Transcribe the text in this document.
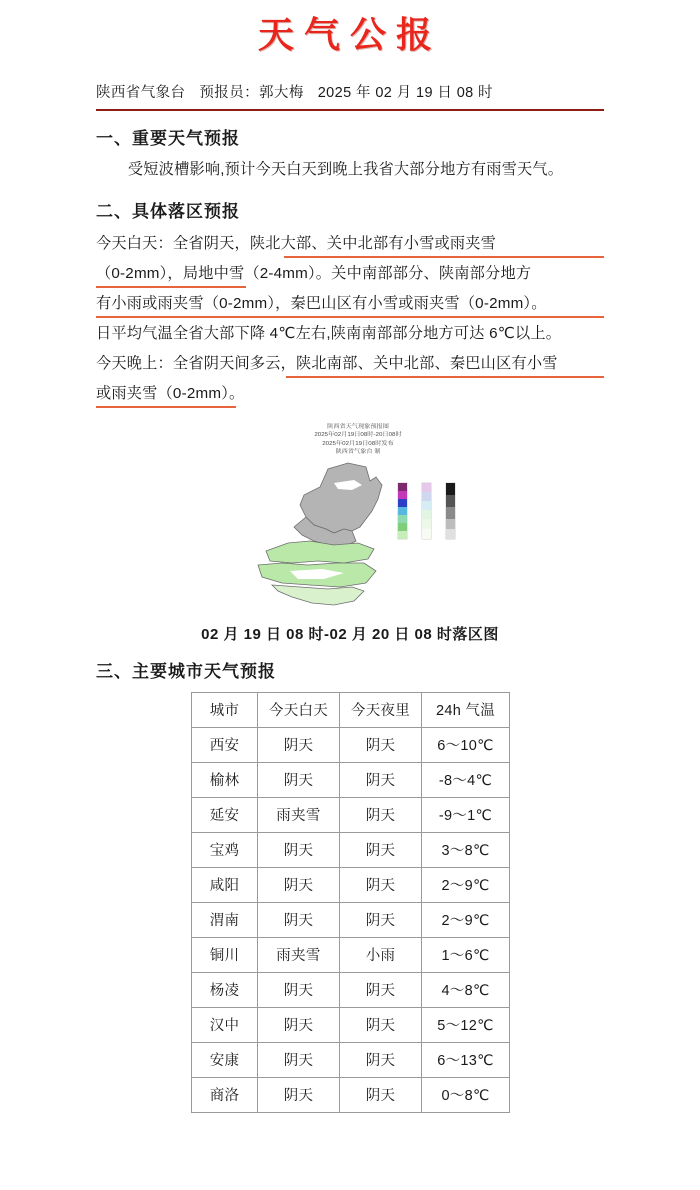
天气公报
陕西省气象台 预报员：郭大梅 2025 年 02 月 19 日 08 时
一、重要天气预报
受短波槽影响,预计今天白天到晚上我省大部分地方有雨雪天气。
二、具体落区预报
今天白天：全省阴天，陕北大部、关中北部有小雪或雨夹雪
（0-2mm），局地中雪（2-4mm）。关中南部部分、陕南部分地方
有小雨或雨夹雪（0-2mm），秦巴山区有小雪或雨夹雪（0-2mm）。
日平均气温全省大部下降 4℃左右,陕南南部部分地方可达 6℃以上。
今天晚上：全省阴天间多云，陕北南部、关中北部、秦巴山区有小雪
或雨夹雪（0-2mm）。
陕西省天气现象预报图
2025年02月19日08时-20日08时
2025年02月19日08时发布
陕西省气象台 制
02 月 19 日 08 时-02 月 20 日 08 时落区图
三、主要城市天气预报
城市	今天白天	今天夜里	24h 气温
西安	阴天	阴天	6～10℃
榆林	阴天	阴天	-8～4℃
延安	雨夹雪	阴天	-9～1℃
宝鸡	阴天	阴天	3～8℃
咸阳	阴天	阴天	2～9℃
渭南	阴天	阴天	2～9℃
铜川	雨夹雪	小雨	1～6℃
杨凌	阴天	阴天	4～8℃
汉中	阴天	阴天	5～12℃
安康	阴天	阴天	6～13℃
商洛	阴天	阴天	0～8℃
